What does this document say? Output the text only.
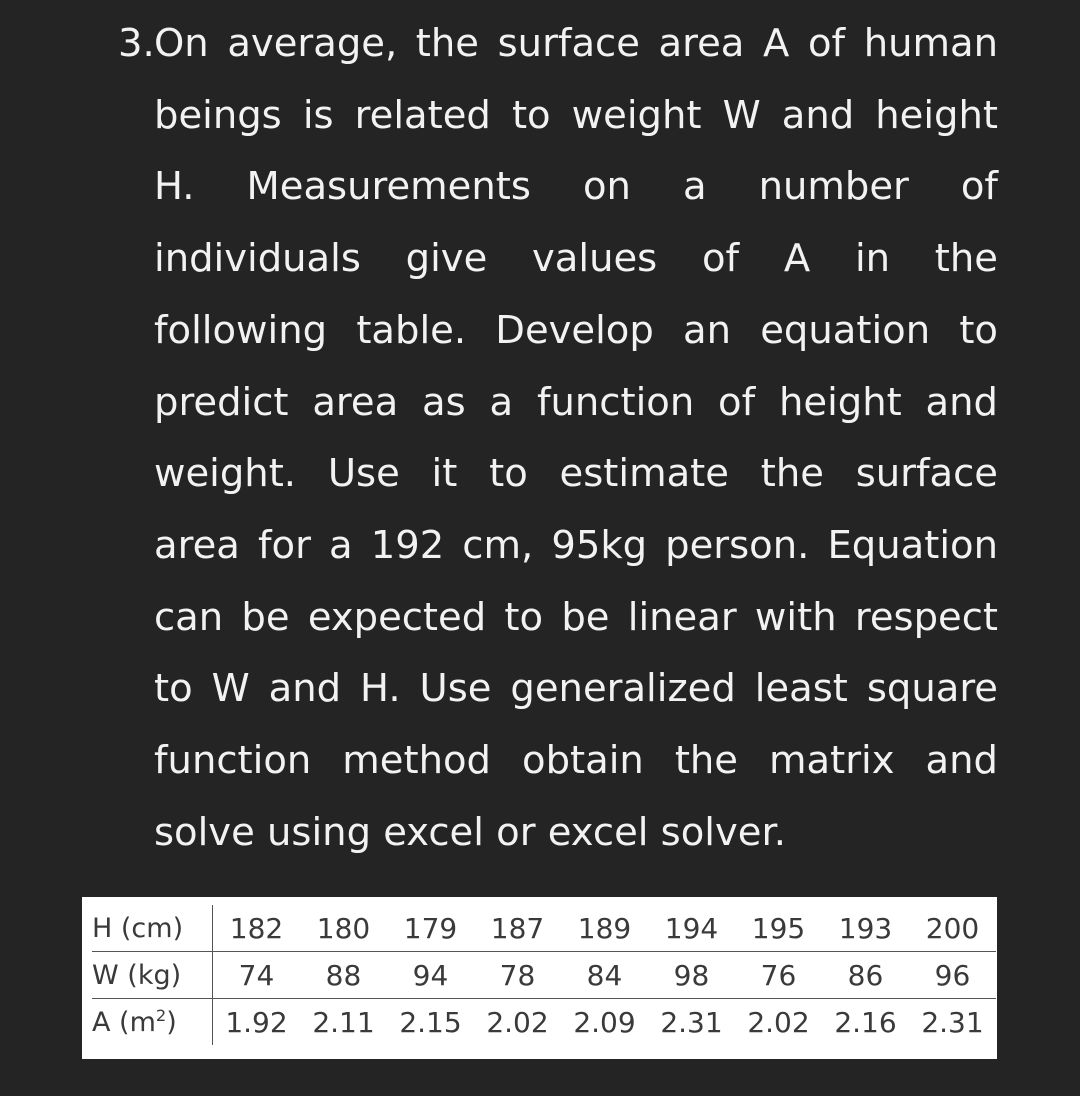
3. On average, the surface area A of human
beings is related to weight W and height
H. Measurements on a number of
individuals give values of A in the
following table. Develop an equation to
predict area as a function of height and
weight. Use it to estimate the surface
area for a 192 cm, 95kg person. Equation
can be expected to be linear with respect
to W and H. Use generalized least square
function method obtain the matrix and
solve using excel or excel solver.
H (cm)	182	180	179	187	189	194	195	193	200
W (kg)	74	88	94	78	84	98	76	86	96
A $(m^2)$	1.92	2.11	2.15	2.02	2.09	2.31	2.02	2.16	2.31
